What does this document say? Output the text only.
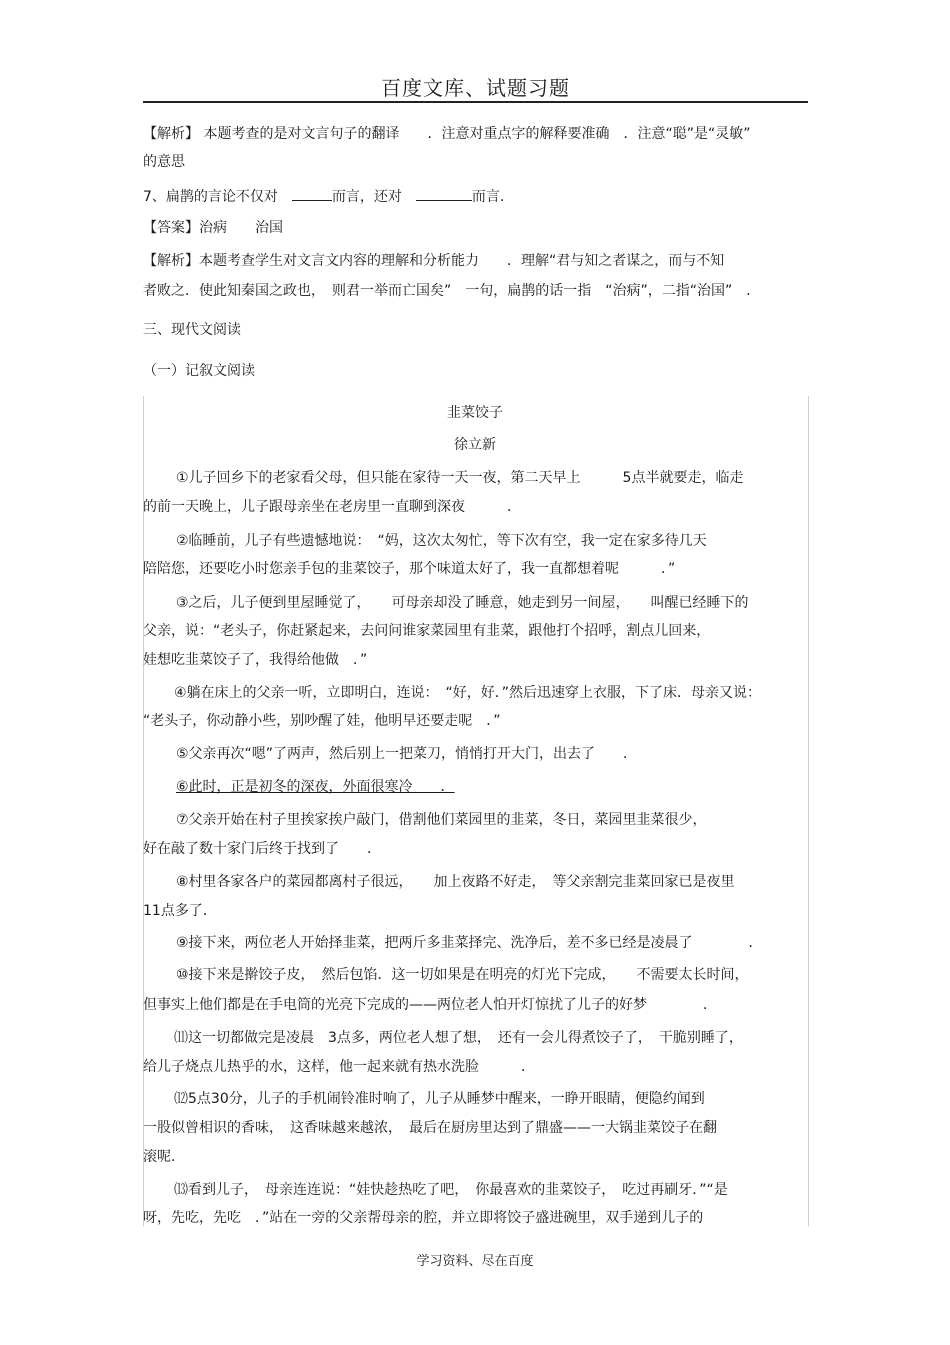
百度文库、试题习题
【解析】 本题考查的是对文言句子的翻译　　．注意对重点字的解释要准确　．注意“聪”是“灵敏”
的意思
7、扁鹊的言论不仅对　	而言，还对　	而言．
【答案】治病　　 治国
【解析】本题考查学生对文言文内容的理解和分析能力　　．理解“君与知之者谋之，而与不知
者败之．使此知秦国之政也，　则君一举而亡国矣”　一句，扁鹊的话一指　“治病”，二指“治国”　．
三、现代文阅读
（一）记叙文阅读
韭菜饺子
徐立新
①儿子回乡下的老家看父母，但只能在家待一天一夜，第二天早上　　　5点半就要走，临走
的前一天晚上，儿子跟母亲坐在老房里一直聊到深夜　　　．
②临睡前，儿子有些遗憾地说：　“妈，这次太匆忙，等下次有空，我一定在家多待几天
陪陪您，还要吃小时您亲手包的韭菜饺子，那个味道太好了，我一直都想着呢　　　．”
③之后，儿子便到里屋睡觉了，　　可母亲却没了睡意，她走到另一间屋，　　叫醒已经睡下的
父亲，说：“老头子，你赶紧起来，去问问谁家菜园里有韭菜，跟他打个招呼，割点儿回来，
娃想吃韭菜饺子了，我得给他做　．”
④躺在床上的父亲一听，立即明白，连说：　“好，好．”然后迅速穿上衣服，下了床．母亲又说：
“老头子，你动静小些，别吵醒了娃，他明早还要走呢　．”
⑤父亲再次“嗯”了两声，然后别上一把菜刀，悄悄打开大门，出去了　　．
⑥此时，正是初冬的深夜，外面很寒冷　　．
⑦父亲开始在村子里挨家挨户敲门，借割他们菜园里的韭菜，冬日，菜园里韭菜很少，
好在敲了数十家门后终于找到了　　．
⑧村里各家各户的菜园都离村子很远，　　加上夜路不好走，　等父亲割完韭菜回家已是夜里
11点多了．
⑨接下来，两位老人开始择韭菜，把两斤多韭菜择完、洗净后，差不多已经是凌晨了　　　　．
⑩接下来是擀饺子皮，　然后包馅．这一切如果是在明亮的灯光下完成，　　不需要太长时间，
但事实上他们都是在手电筒的光亮下完成的——两位老人怕开灯惊扰了儿子的好梦　　　　．
⑾这一切都做完是凌晨　3点多，两位老人想了想，　还有一会儿得煮饺子了，　干脆别睡了，
给儿子烧点儿热乎的水，这样，他一起来就有热水洗脸　　　．
⑿5点30分，儿子的手机闹铃准时响了，儿子从睡梦中醒来，一睁开眼睛，便隐约闻到
一股似曾相识的香味，　这香味越来越浓，　最后在厨房里达到了鼎盛——一大锅韭菜饺子在翻
滚呢．
⒀看到儿子，　母亲连连说：“娃快趁热吃了吧，　你最喜欢的韭菜饺子，　吃过再刷牙．”“是
呀，先吃，先吃　．”站在一旁的父亲帮母亲的腔，并立即将饺子盛进碗里，双手递到儿子的
学习资料、尽在百度
